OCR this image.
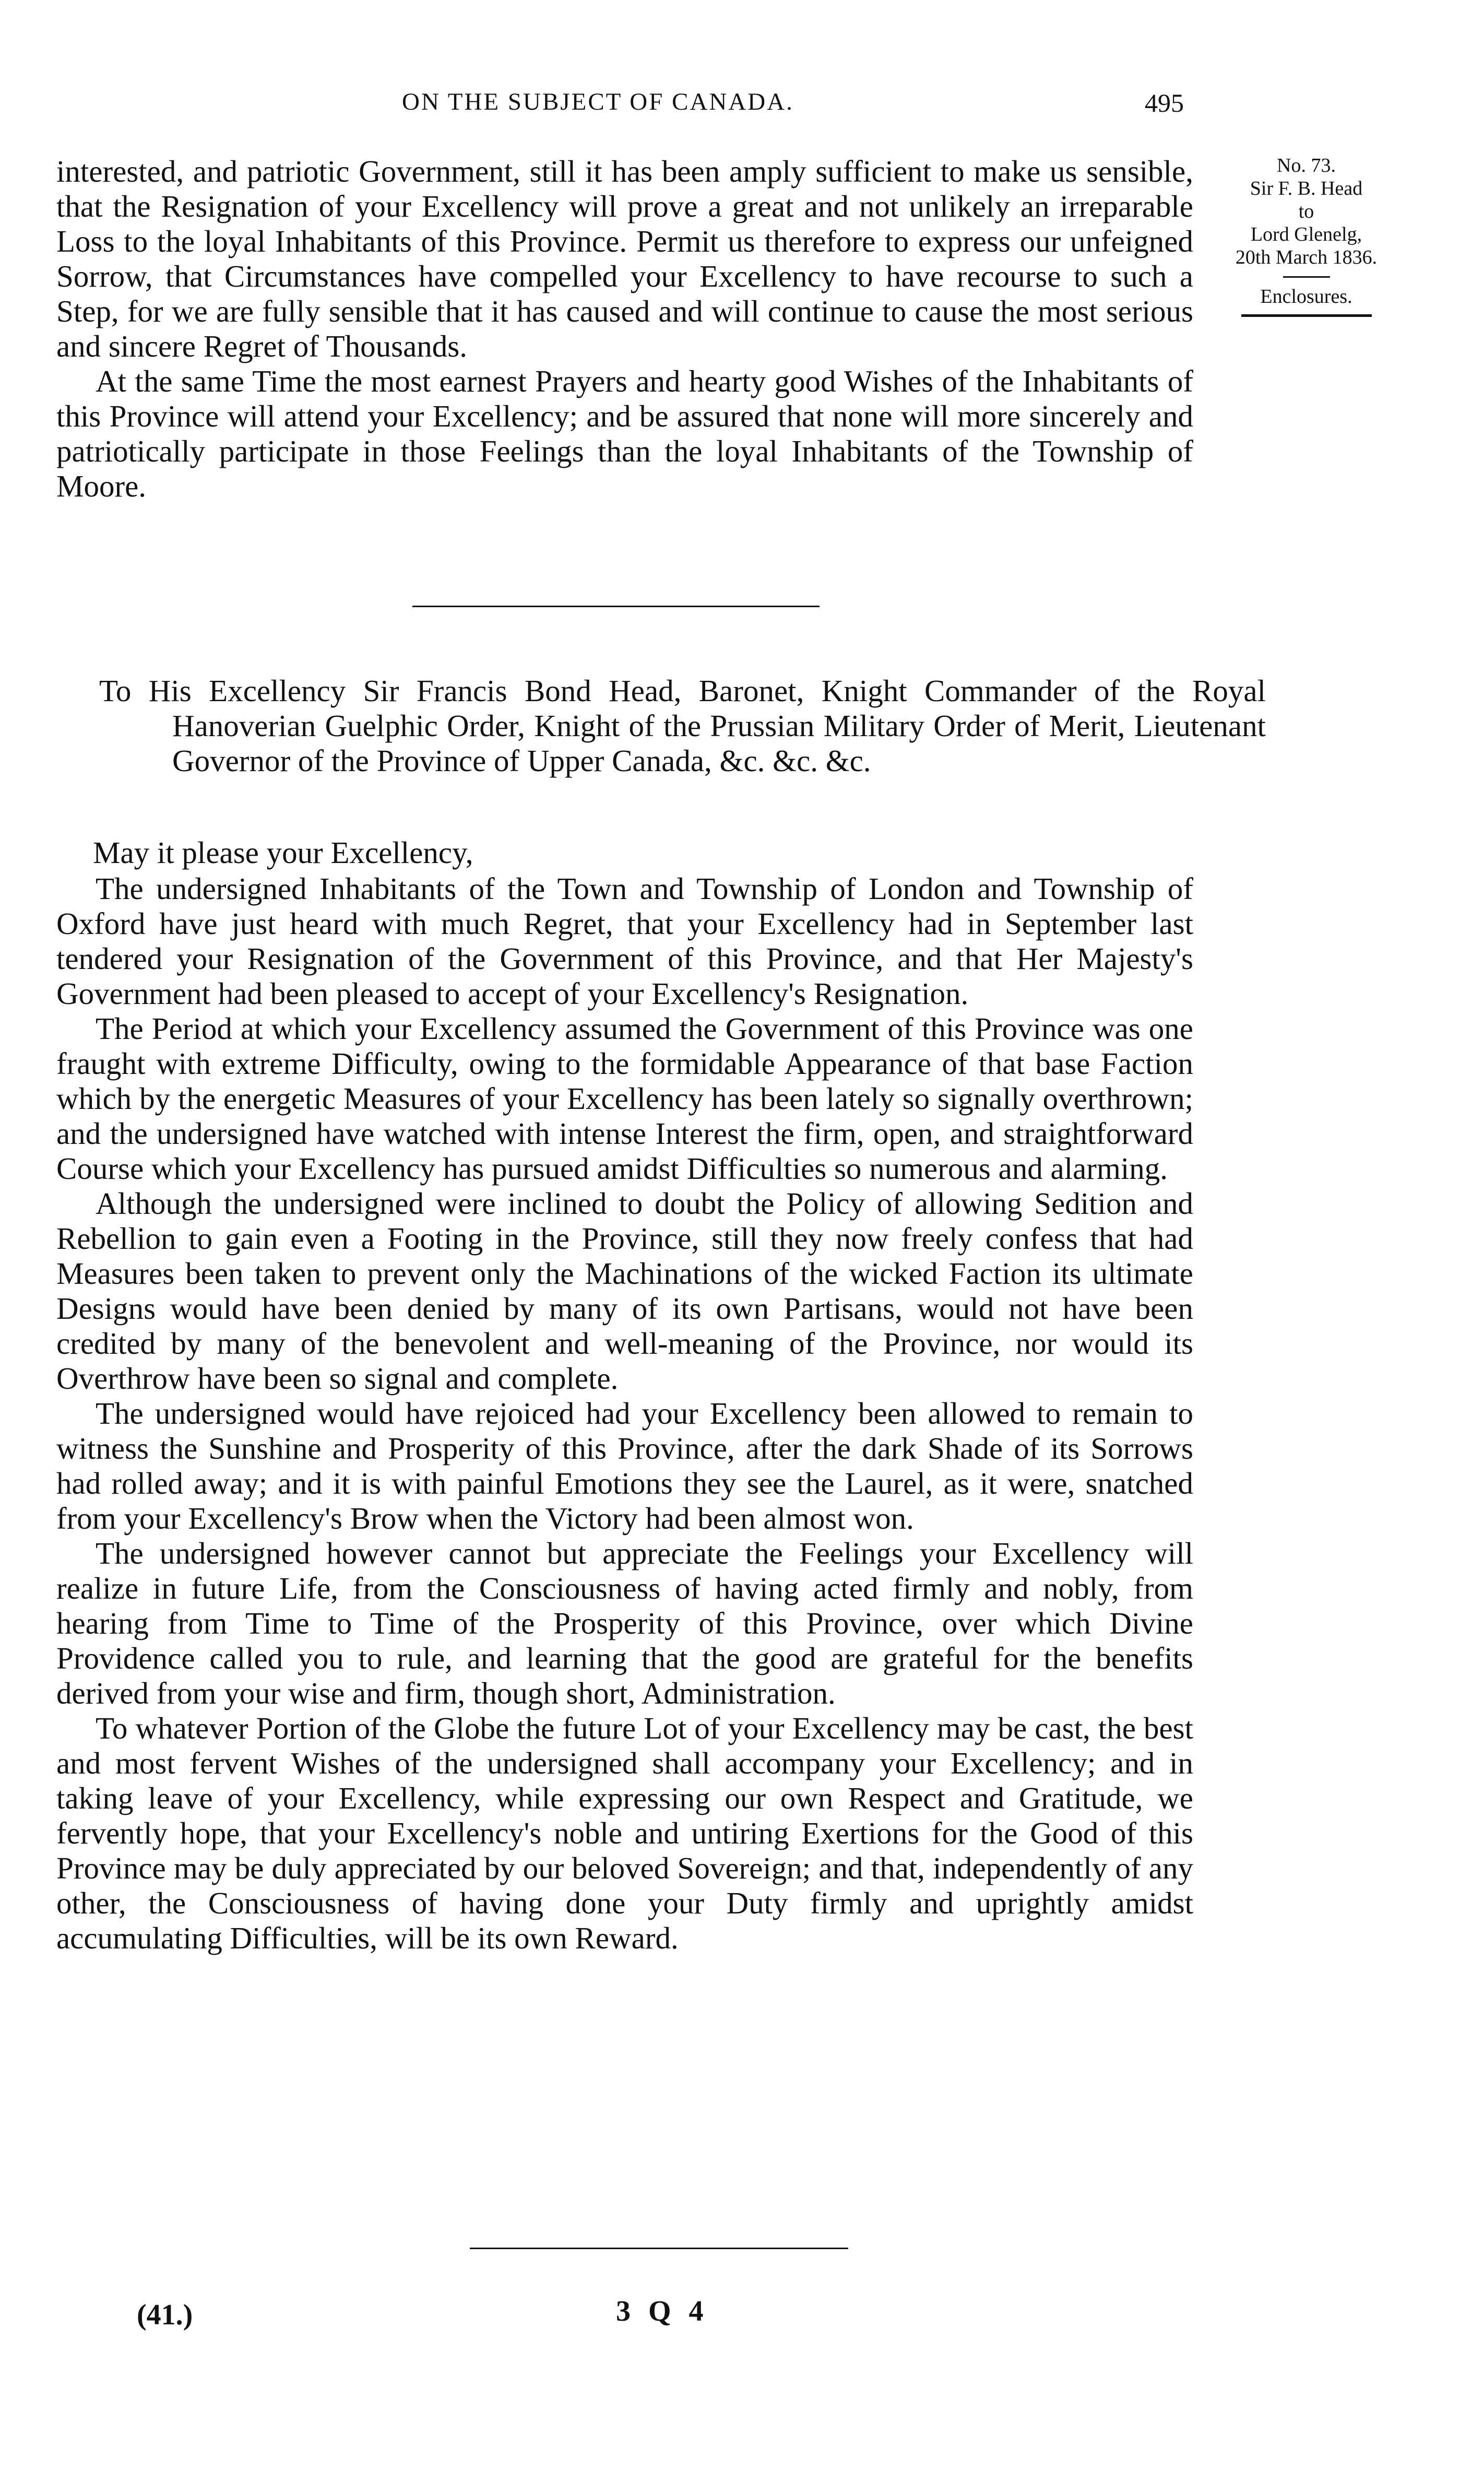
ON THE SUBJECT OF CANADA.	495

interested, and patriotic Government, still it has been amply sufficient to make us sensible, that the Resignation of your Excellency will prove a great and not unlikely an irreparable Loss to the loyal Inhabitants of this Province. Permit us therefore to express our unfeigned Sorrow, that Circumstances have compelled your Excellency to have recourse to such a Step, for we are fully sensible that it has caused and will continue to cause the most serious and sincere Regret of Thousands.

At the same Time the most earnest Prayers and hearty good Wishes of the Inhabitants of this Province will attend your Excellency; and be assured that none will more sincerely and patriotically participate in those Feelings than the loyal Inhabitants of the Township of Moore.

No. 73.
Sir F. B. Head
to
Lord Glenelg,
20th March 1836.
Enclosures.
To His Excellency Sir Francis Bond Head, Baronet, Knight Commander of the Royal Hanoverian Guelphic Order, Knight of the Prussian Military Order of Merit, Lieutenant Governor of the Province of Upper Canada, &c. &c. &c.

May it please your Excellency,

The undersigned Inhabitants of the Town and Township of London and Township of Oxford have just heard with much Regret, that your Excellency had in September last tendered your Resignation of the Government of this Province, and that Her Majesty's Government had been pleased to accept of your Excellency's Resignation.

The Period at which your Excellency assumed the Government of this Province was one fraught with extreme Difficulty, owing to the formidable Appearance of that base Faction which by the energetic Measures of your Excellency has been lately so signally overthrown; and the undersigned have watched with intense Interest the firm, open, and straightforward Course which your Excellency has pursued amidst Difficulties so numerous and alarming.

Although the undersigned were inclined to doubt the Policy of allowing Sedition and Rebellion to gain even a Footing in the Province, still they now freely confess that had Measures been taken to prevent only the Machinations of the wicked Faction its ultimate Designs would have been denied by many of its own Partisans, would not have been credited by many of the benevolent and well-meaning of the Province, nor would its Overthrow have been so signal and complete.

The undersigned would have rejoiced had your Excellency been allowed to remain to witness the Sunshine and Prosperity of this Province, after the dark Shade of its Sorrows had rolled away; and it is with painful Emotions they see the Laurel, as it were, snatched from your Excellency's Brow when the Victory had been almost won.

The undersigned however cannot but appreciate the Feelings your Excellency will realize in future Life, from the Consciousness of having acted firmly and nobly, from hearing from Time to Time of the Prosperity of this Province, over which Divine Providence called you to rule, and learning that the good are grateful for the benefits derived from your wise and firm, though short, Administration.

To whatever Portion of the Globe the future Lot of your Excellency may be cast, the best and most fervent Wishes of the undersigned shall accompany your Excellency; and in taking leave of your Excellency, while expressing our own Respect and Gratitude, we fervently hope, that your Excellency's noble and untiring Exertions for the Good of this Province may be duly appreciated by our beloved Sovereign; and that, independently of any other, the Consciousness of having done your Duty firmly and uprightly amidst accumulating Difficulties, will be its own Reward.

(41.)	3 Q 4
